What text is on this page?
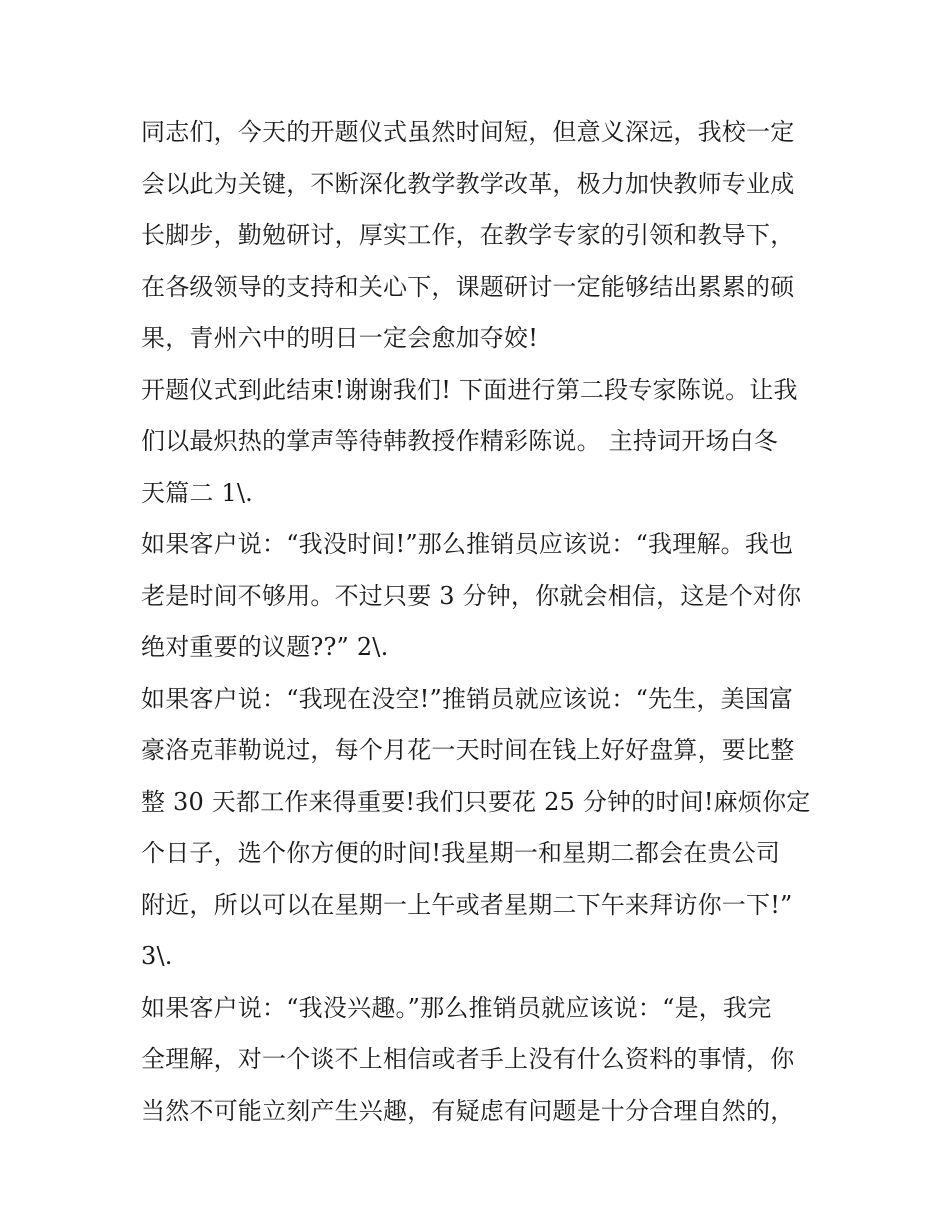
同志们，今天的开题仪式虽然时间短，但意义深远，我校一定
会以此为关键，不断深化教学教学改革，极力加快教师专业成
长脚步，勤勉研讨，厚实工作，在教学专家的引领和教导下，
在各级领导的支持和关心下，课题研讨一定能够结出累累的硕
果，青州六中的明日一定会愈加夺姣!
开题仪式到此结束!谢谢我们! 下面进行第二段专家陈说。让我
们以最炽热的掌声等待韩教授作精彩陈说。 主持词开场白冬
天篇二 1\.
如果客户说：“我没时间!”那么推销员应该说：“我理解。我也
老是时间不够用。不过只要 3 分钟，你就会相信，这是个对你
绝对重要的议题??” 2\.
如果客户说：“我现在没空!”推销员就应该说：“先生，美国富
豪洛克菲勒说过，每个月花一天时间在钱上好好盘算，要比整
整 30 天都工作来得重要!我们只要花 25 分钟的时间!麻烦你定
个日子，选个你方便的时间!我星期一和星期二都会在贵公司
附近，所以可以在星期一上午或者星期二下午来拜访你一下!”
3\.
如果客户说：“我没兴趣。”那么推销员就应该说：“是，我完
全理解，对一个谈不上相信或者手上没有什么资料的事情，你
当然不可能立刻产生兴趣，有疑虑有问题是十分合理自然的，
